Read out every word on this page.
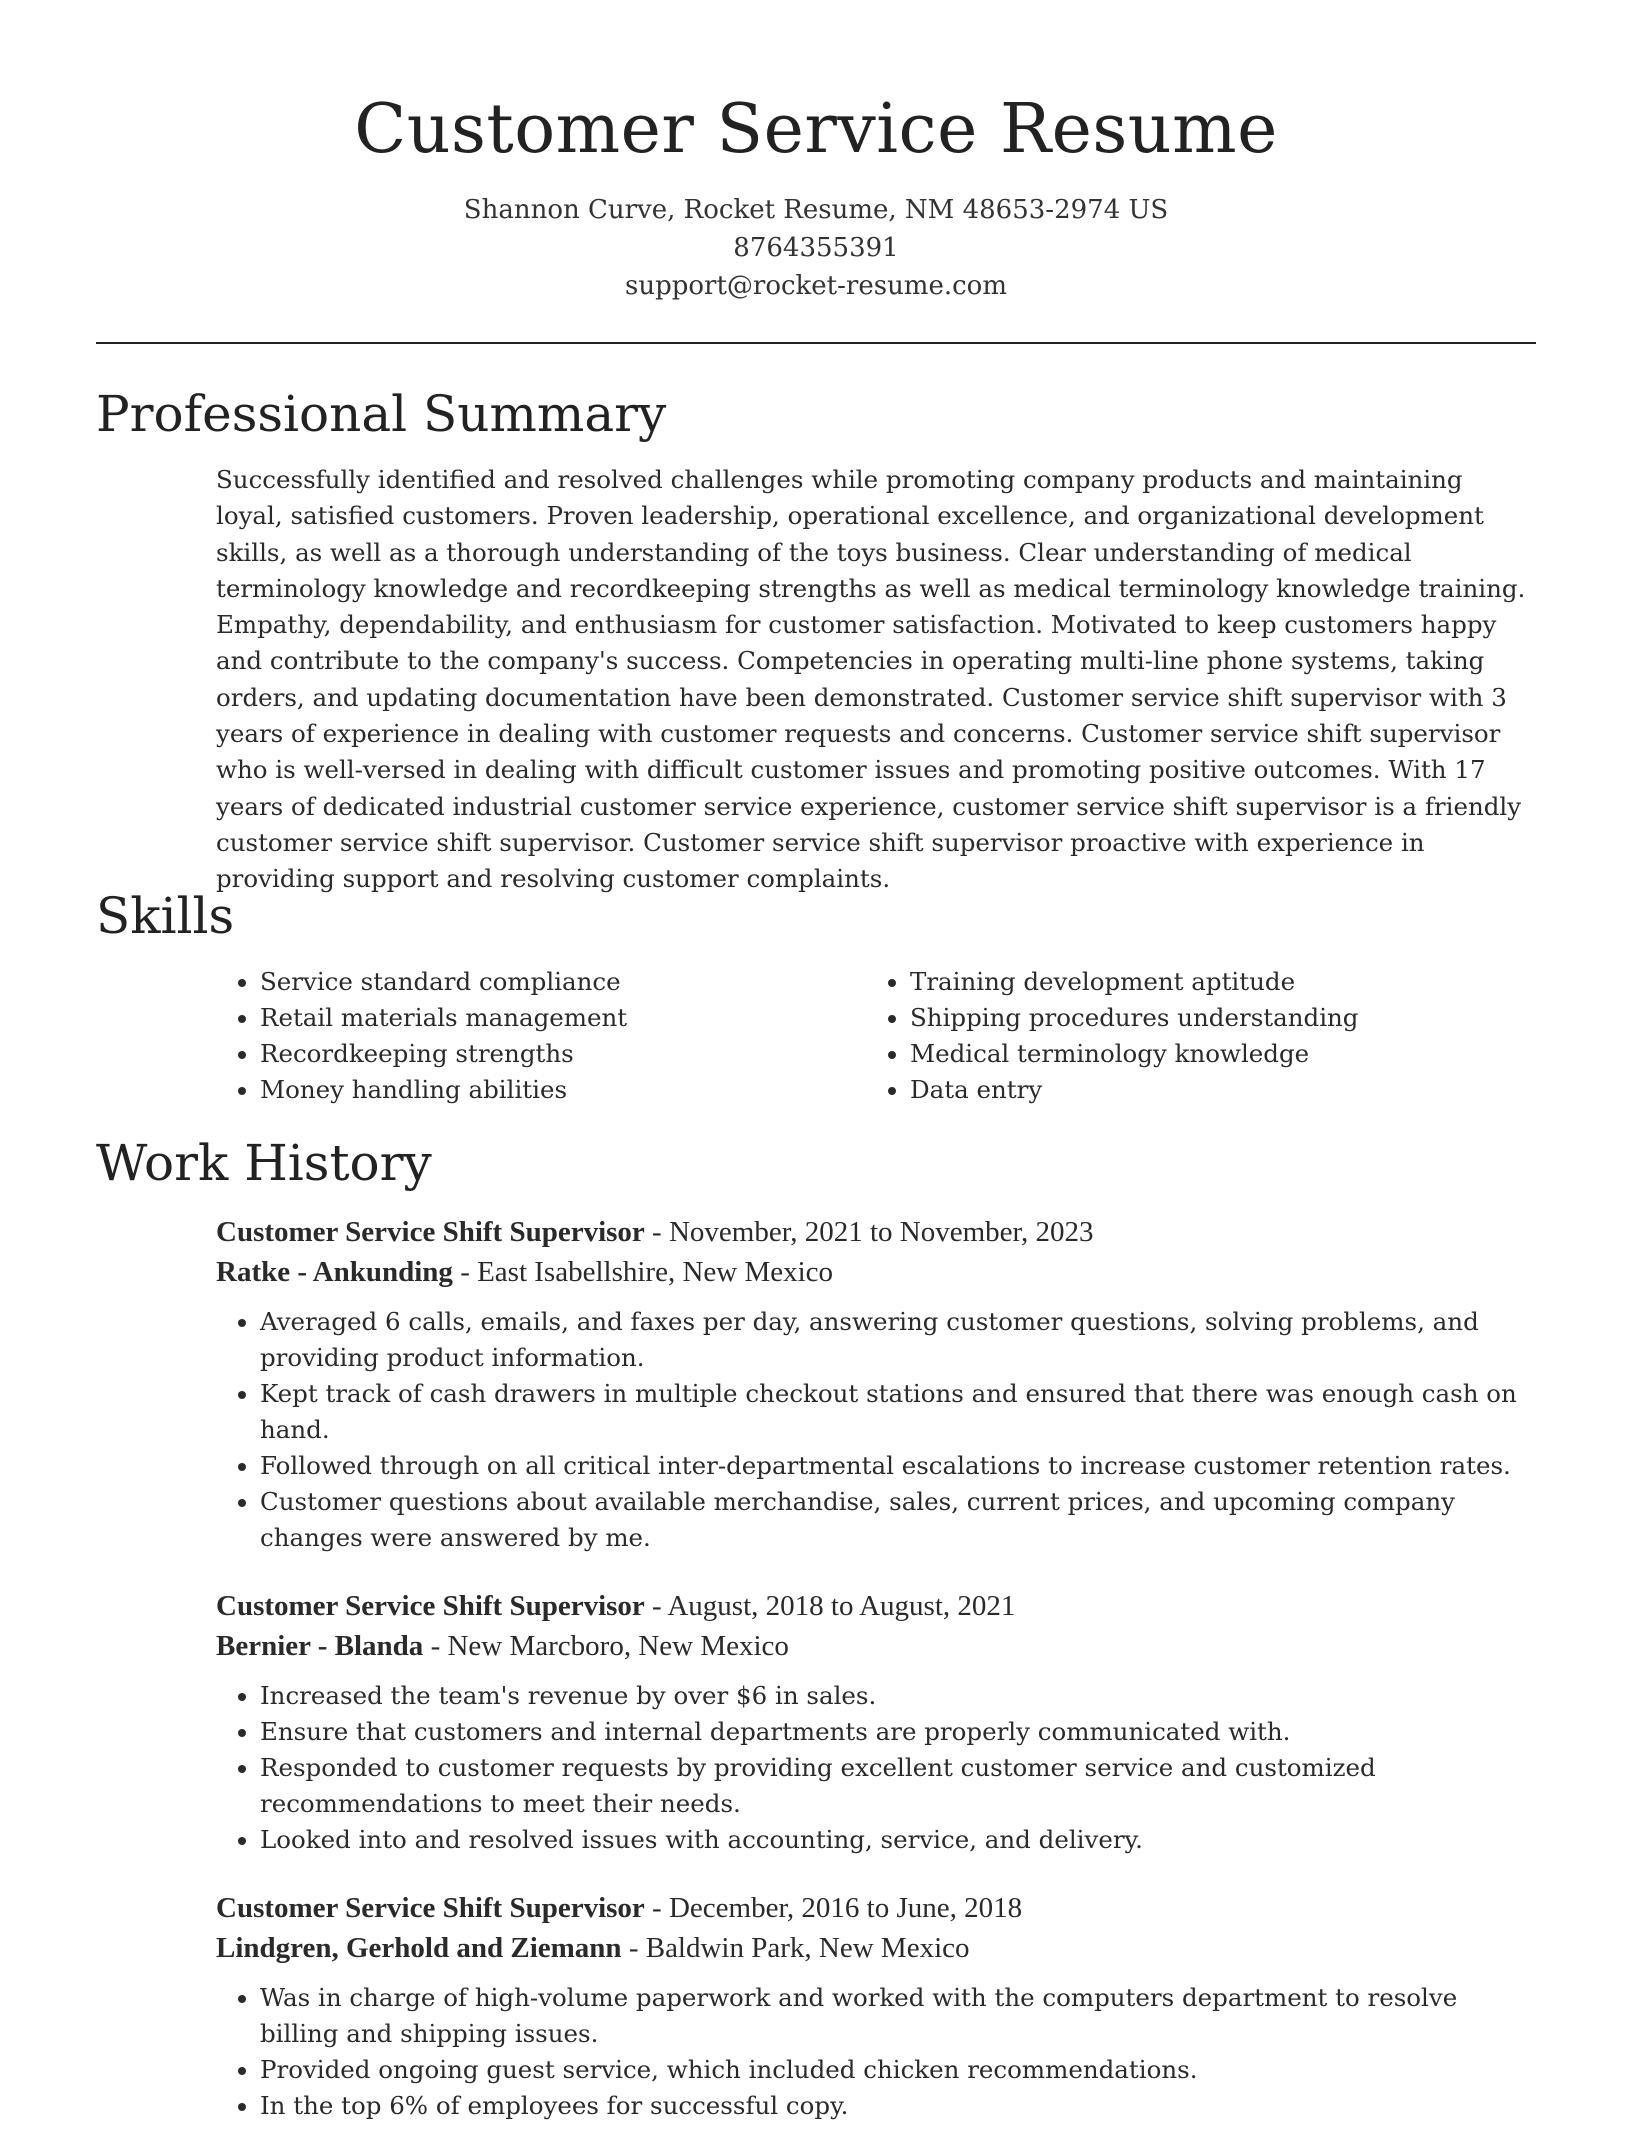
Customer Service Resume
Shannon Curve, Rocket Resume, NM 48653-2974 US
8764355391
support@rocket-resume.com
Professional Summary

Successfully identified and resolved challenges while promoting company products and maintaining loyal, satisfied customers. Proven leadership, operational excellence, and organizational development skills, as well as a thorough understanding of the toys business. Clear understanding of medical terminology knowledge and recordkeeping strengths as well as medical terminology knowledge training. Empathy, dependability, and enthusiasm for customer satisfaction. Motivated to keep customers happy and contribute to the company's success. Competencies in operating multi-line phone systems, taking orders, and updating documentation have been demonstrated. Customer service shift supervisor with 3 years of experience in dealing with customer requests and concerns. Customer service shift supervisor who is well-versed in dealing with difficult customer issues and promoting positive outcomes. With 17 years of dedicated industrial customer service experience, customer service shift supervisor is a friendly customer service shift supervisor. Customer service shift supervisor proactive with experience in providing support and resolving customer complaints.

Skills
• Service standard compliance
• Retail materials management
• Recordkeeping strengths
• Money handling abilities
• Training development aptitude
• Shipping procedures understanding
• Medical terminology knowledge
• Data entry
Work History
Customer Service Shift Supervisor - November, 2021 to November, 2023
Ratke - Ankunding - East Isabellshire, New Mexico
• Averaged 6 calls, emails, and faxes per day, answering customer questions, solving problems, and providing product information.
• Kept track of cash drawers in multiple checkout stations and ensured that there was enough cash on hand.
• Followed through on all critical inter-departmental escalations to increase customer retention rates.
• Customer questions about available merchandise, sales, current prices, and upcoming company changes were answered by me.
Customer Service Shift Supervisor - August, 2018 to August, 2021
Bernier - Blanda - New Marcboro, New Mexico
• Increased the team's revenue by over $6 in sales.
• Ensure that customers and internal departments are properly communicated with.
• Responded to customer requests by providing excellent customer service and customized recommendations to meet their needs.
• Looked into and resolved issues with accounting, service, and delivery.
Customer Service Shift Supervisor - December, 2016 to June, 2018
Lindgren, Gerhold and Ziemann - Baldwin Park, New Mexico
• Was in charge of high-volume paperwork and worked with the computers department to resolve billing and shipping issues.
• Provided ongoing guest service, which included chicken recommendations.
• In the top 6% of employees for successful copy.
